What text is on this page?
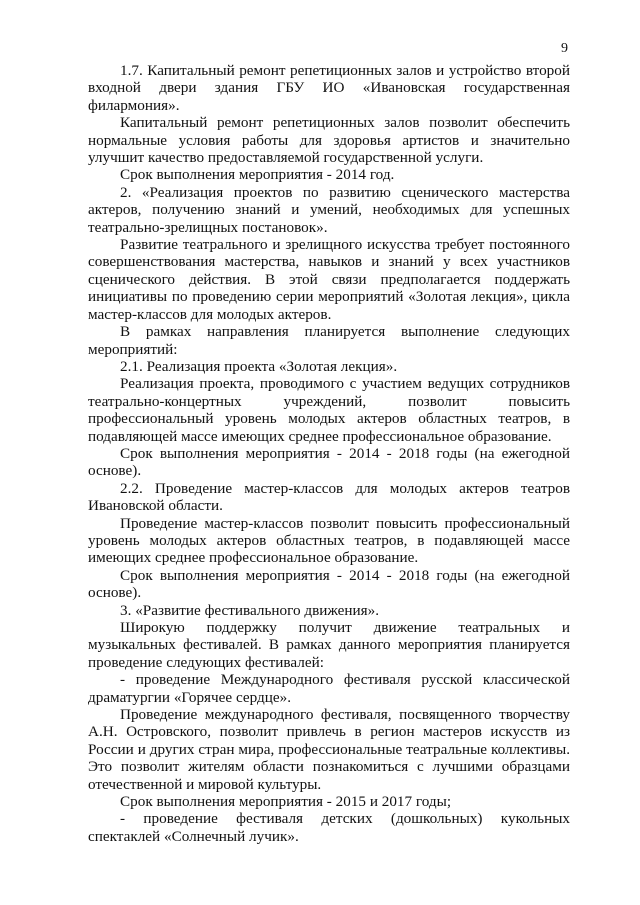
9

1.7. Капитальный ремонт репетиционных залов и устройство второй входной двери здания ГБУ ИО «Ивановская государственная филармония».

Капитальный ремонт репетиционных залов позволит обеспечить нормальные условия работы для здоровья артистов и значительно улучшит качество предоставляемой государственной услуги.

Срок выполнения мероприятия - 2014 год.

2. «Реализация проектов по развитию сценического мастерства актеров, получению знаний и умений, необходимых для успешных театрально-зрелищных постановок».

Развитие театрального и зрелищного искусства требует постоянного совершенствования мастерства, навыков и знаний у всех участников сценического действия. В этой связи предполагается поддержать инициативы по проведению серии мероприятий «Золотая лекция», цикла мастер-классов для молодых актеров.

В рамках направления планируется выполнение следующих мероприятий:

2.1. Реализация проекта «Золотая лекция».

Реализация проекта, проводимого с участием ведущих сотрудников театрально-концертных учреждений, позволит повысить профессиональный уровень молодых актеров областных театров, в подавляющей массе имеющих среднее профессиональное образование.

Срок выполнения мероприятия - 2014 - 2018 годы (на ежегодной основе).

2.2. Проведение мастер-классов для молодых актеров театров Ивановской области.

Проведение мастер-классов позволит повысить профессиональный уровень молодых актеров областных театров, в подавляющей массе имеющих среднее профессиональное образование.

Срок выполнения мероприятия - 2014 - 2018 годы (на ежегодной основе).

3. «Развитие фестивального движения».

Широкую поддержку получит движение театральных и музыкальных фестивалей. В рамках данного мероприятия планируется проведение следующих фестивалей:

- проведение Международного фестиваля русской классической драматургии «Горячее сердце».

Проведение международного фестиваля, посвященного творчеству А.Н. Островского, позволит привлечь в регион мастеров искусств из России и других стран мира, профессиональные театральные коллективы. Это позволит жителям области познакомиться с лучшими образцами отечественной и мировой культуры.

Срок выполнения мероприятия - 2015 и 2017 годы;

- проведение фестиваля детских (дошкольных) кукольных спектаклей «Солнечный лучик».
